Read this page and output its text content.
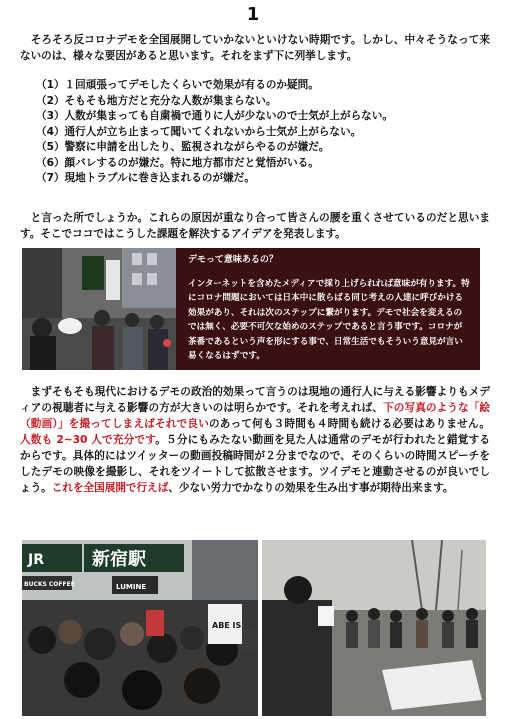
1

　そろそろ反コロナデモを全国展開していかないといけない時期です。しかし、中々そうなって来ないのは、様々な要因があると思います。それをまず下に列挙します。

（1）１回頑張ってデモしたくらいで効果が有るのか疑問。
（2）そもそも地方だと充分な人数が集まらない。
（3）人数が集まっても自粛禍で通りに人が少ないので士気が上がらない。
（4）通行人が立ち止まって聞いてくれないから士気が上がらない。
（5）警察に申請を出したり、監視されながらやるのが嫌だ。
（6）顔バレするのが嫌だ。特に地方都市だと覚悟がいる。
（7）現地トラブルに巻き込まれるのが嫌だ。

　と言った所でしょうか。これらの原因が重なり合って皆さんの腰を重くさせているのだと思います。そこでココではこうした課題を解決するアイデアを発表します。

デモって意味あるの？

インターネットを含めたメディアで採り上げられれば意味が有ります。特にコロナ問題においては日本中に散らばる同じ考えの人達に呼びかける効果があり、それは次のステップに繋がります。デモで社会を変えるのでは無く、必要不可欠な始めのステップであると言う事です。コロナが茶番であるという声を形にする事で、日常生活でもそういう意見が言い易くなるはずです。

　まずそもそも現代におけるデモの政治的効果って言うのは現地の通行人に与える影響よりもメディアの視聴者に与える影響の方が大きいのは明らかです。それを考えれば、下の写真のような「絵（動画）」を撮ってしまえばそれで良いのあって何も３時間も４時間も続ける必要はありません。人数も 2~30 人で充分です。５分にもみたない動画を見た人は通常のデモが行われたと錯覚するからです。具体的にはツイッターの動画投稿時間が２分までなので、そのくらいの時間スピーチをしたデモの映像を撮影し、それをツイートして拡散させます。ツイデモと連動させるのが良いでしょう。これを全国展開で行えば、少ない労力でかなりの効果を生み出す事が期待出来ます。

JR	新宿駅
BUCKS COFFEE	LUMINE
ABE IS
